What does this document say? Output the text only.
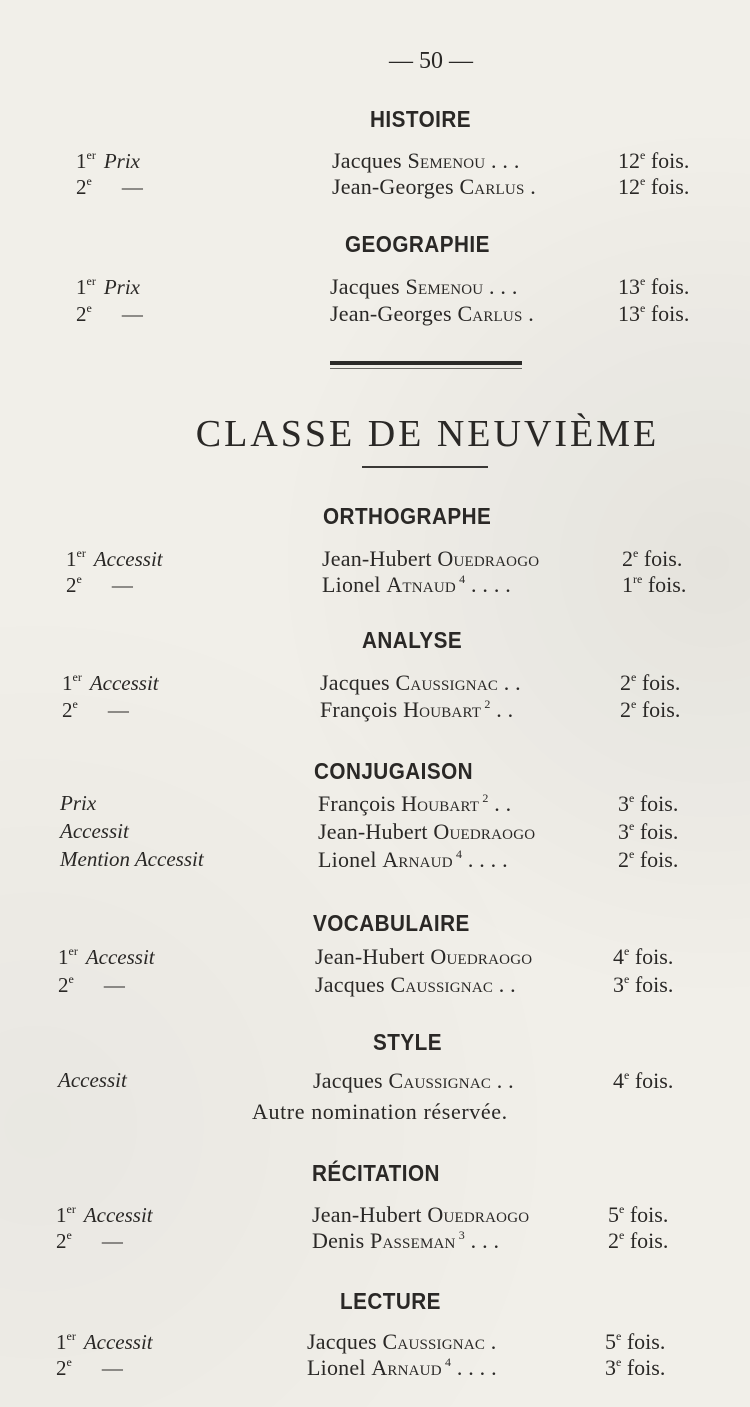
— 50 —
CLASSE DE NEUVIÈME
HISTOIRE
1er Prix	Jacques Semenou . . .	12e fois.
2e —	Jean-Georges Carlus .	12e fois.
GEOGRAPHIE
1er Prix	Jacques Semenou . . .	13e fois.
2e —	Jean-Georges Carlus .	13e fois.
ORTHOGRAPHE
1er Accessit	Jean-Hubert Ouedraogo	2e fois.
2e —	Lionel Atnaud $^4$ . . . .	1re fois.
ANALYSE
1er Accessit	Jacques Caussignac . .	2e fois.
2e —	François Houbart $^2$ . .	2e fois.
CONJUGAISON
Prix	François Houbart $^2$ . .	3e fois.
Accessit	Jean-Hubert Ouedraogo	3e fois.
Mention Accessit	Lionel Arnaud $^4$ . . . .	2e fois.
VOCABULAIRE
1er Accessit	Jean-Hubert Ouedraogo	4e fois.
2e —	Jacques Caussignac . .	3e fois.
STYLE
Accessit	Jacques Caussignac . .	4e fois.
Autre nomination réservée.
RÉCITATION
1er Accessit	Jean-Hubert Ouedraogo	5e fois.
2e —	Denis Passeman $^3$ . . .	2e fois.
LECTURE
1er Accessit	Jacques Caussignac .	5e fois.
2e —	Lionel Arnaud $^4$ . . . .	3e fois.
